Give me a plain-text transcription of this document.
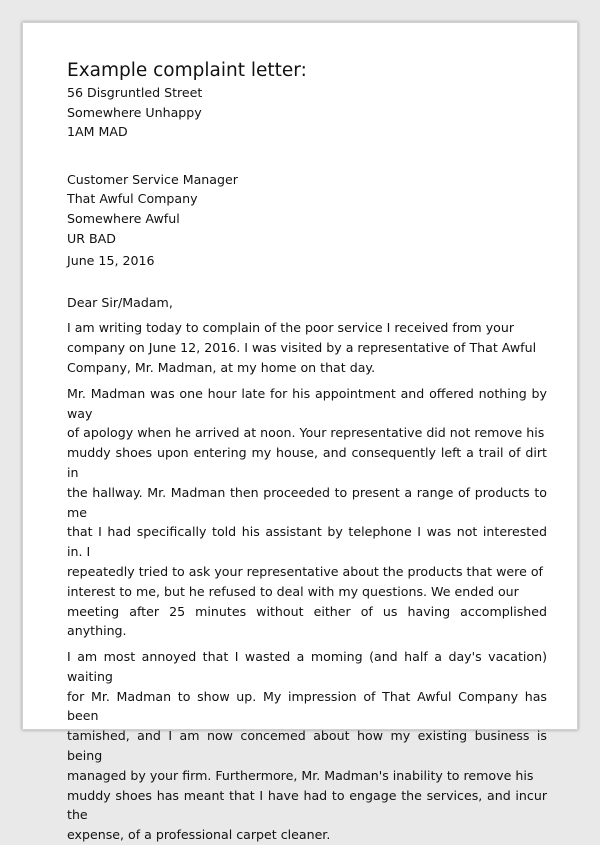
Example complaint letter:
56 Disgruntled Street
Somewhere Unhappy
1AM MAD
Customer Service Manager
That Awful Company
Somewhere Awful
UR BAD
June 15, 2016
Dear Sir/Madam,
I am writing today to complain of the poor service I received from your
company on June 12, 2016. I was visited by a representative of That Awful
Company, Mr. Madman, at my home on that day.
Mr. Madman was one hour late for his appointment and offered nothing by way
of apology when he arrived at noon. Your representative did not remove his
muddy shoes upon entering my house, and consequently left a trail of dirt in
the hallway. Mr. Madman then proceeded to present a range of products to me
that I had specifically told his assistant by telephone I was not interested in. I
repeatedly tried to ask your representative about the products that were of
interest to me, but he refused to deal with my questions. We ended our
meeting after 25 minutes without either of us having accomplished anything.
I am most annoyed that I wasted a moming (and half a day's vacation) waiting
for Mr. Madman to show up. My impression of That Awful Company has been
tamished, and I am now concemed about how my existing business is being
managed by your firm. Furthermore, Mr. Madman's inability to remove his
muddy shoes has meant that I have had to engage the services, and incur the
expense, of a professional carpet cleaner.
